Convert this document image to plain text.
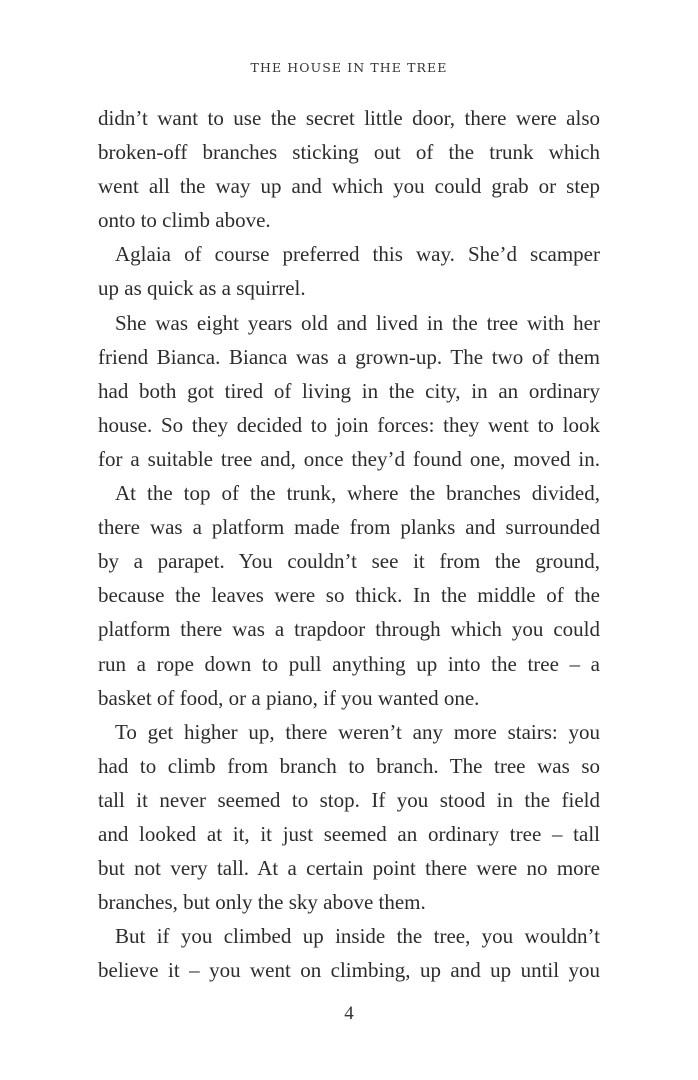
THE HOUSE IN THE TREE
didn’t want to use the secret little door, there were also
broken-off branches sticking out of the trunk which
went all the way up and which you could grab or step
onto to climb above.
Aglaia of course preferred this way. She’d scamper
up as quick as a squirrel.
She was eight years old and lived in the tree with her
friend Bianca. Bianca was a grown-up. The two of them
had both got tired of living in the city, in an ordinary
house. So they decided to join forces: they went to look
for a suitable tree and, once they’d found one, moved in.
At the top of the trunk, where the branches divided,
there was a platform made from planks and surrounded
by a parapet. You couldn’t see it from the ground,
because the leaves were so thick. In the middle of the
platform there was a trapdoor through which you could
run a rope down to pull anything up into the tree – a
basket of food, or a piano, if you wanted one.
To get higher up, there weren’t any more stairs: you
had to climb from branch to branch. The tree was so
tall it never seemed to stop. If you stood in the field
and looked at it, it just seemed an ordinary tree – tall
but not very tall. At a certain point there were no more
branches, but only the sky above them.
But if you climbed up inside the tree, you wouldn’t
believe it – you went on climbing, up and up until you
4
